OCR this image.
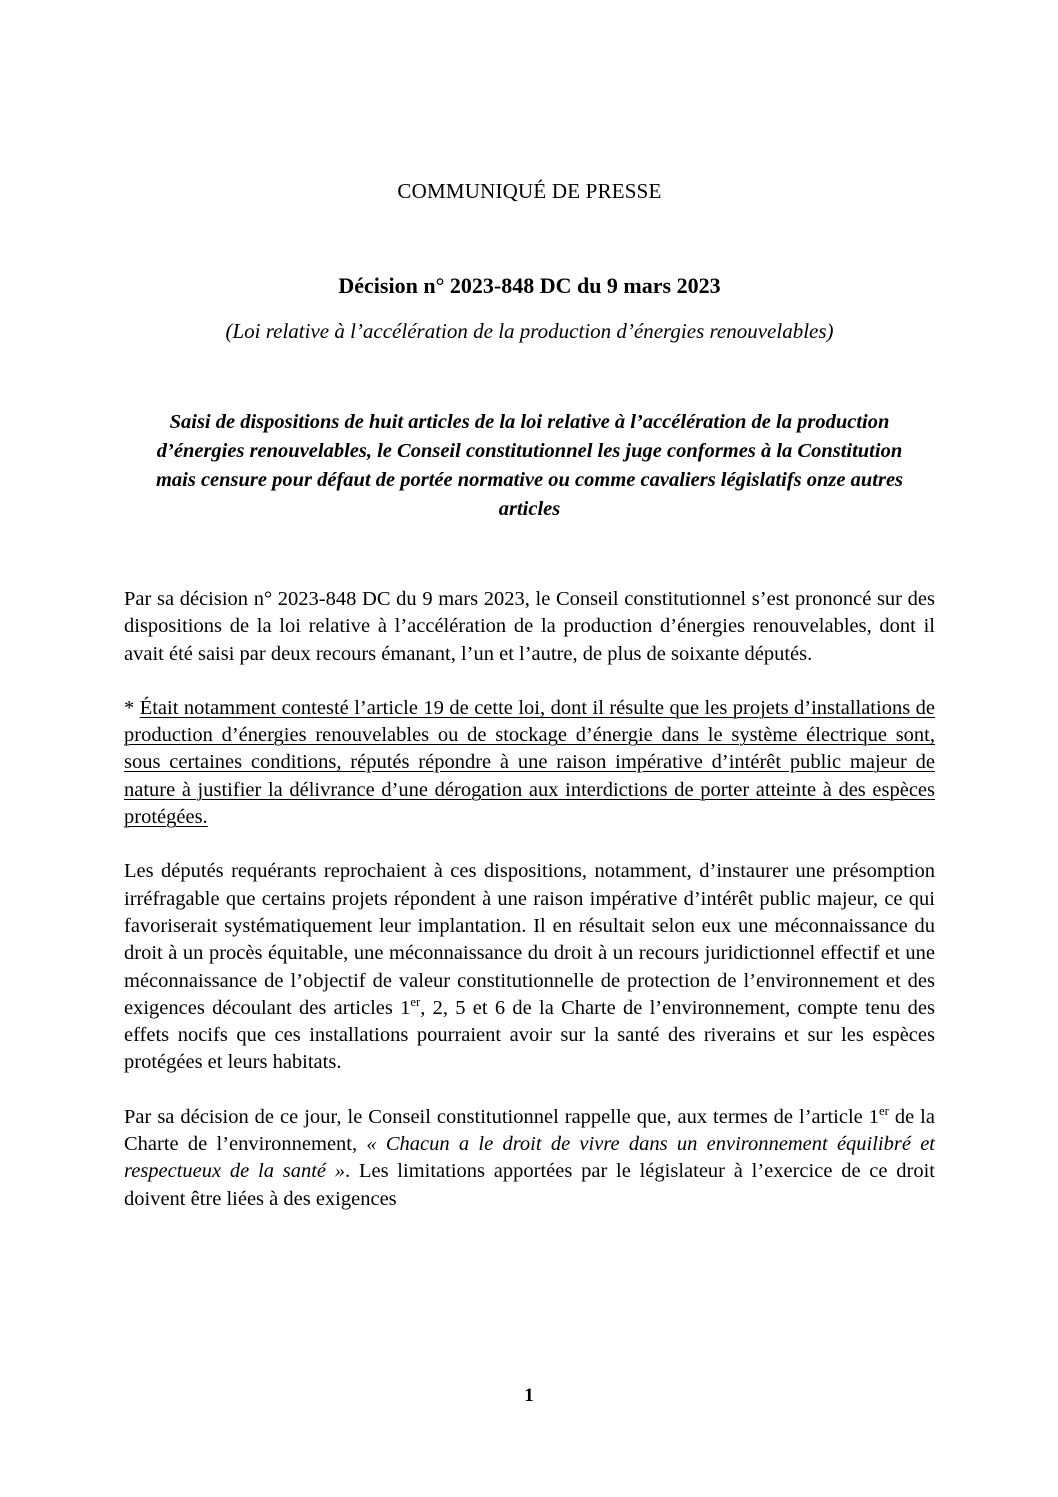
COMMUNIQUÉ DE PRESSE
Décision n° 2023-848 DC du 9 mars 2023
(Loi relative à l’accélération de la production d’énergies renouvelables)
Saisi de dispositions de huit articles de la loi relative à l’accélération de la production d’énergies renouvelables, le Conseil constitutionnel les juge conformes à la Constitution mais censure pour défaut de portée normative ou comme cavaliers législatifs onze autres articles

Par sa décision n° 2023-848 DC du 9 mars 2023, le Conseil constitutionnel s’est prononcé sur des dispositions de la loi relative à l’accélération de la production d’énergies renouvelables, dont il avait été saisi par deux recours émanant, l’un et l’autre, de plus de soixante députés.

* Était notamment contesté l’article 19 de cette loi, dont il résulte que les projets d’installations de production d’énergies renouvelables ou de stockage d’énergie dans le système électrique sont, sous certaines conditions, réputés répondre à une raison impérative d’intérêt public majeur de nature à justifier la délivrance d’une dérogation aux interdictions de porter atteinte à des espèces protégées.

Les députés requérants reprochaient à ces dispositions, notamment, d’instaurer une présomption irréfragable que certains projets répondent à une raison impérative d’intérêt public majeur, ce qui favoriserait systématiquement leur implantation. Il en résultait selon eux une méconnaissance du droit à un procès équitable, une méconnaissance du droit à un recours juridictionnel effectif et une méconnaissance de l’objectif de valeur constitutionnelle de protection de l’environnement et des exigences découlant des articles 1er, 2, 5 et 6 de la Charte de l’environnement, compte tenu des effets nocifs que ces installations pourraient avoir sur la santé des riverains et sur les espèces protégées et leurs habitats.

Par sa décision de ce jour, le Conseil constitutionnel rappelle que, aux termes de l’article 1er de la Charte de l’environnement, « Chacun a le droit de vivre dans un environnement équilibré et respectueux de la santé ». Les limitations apportées par le législateur à l’exercice de ce droit doivent être liées à des exigences

1
